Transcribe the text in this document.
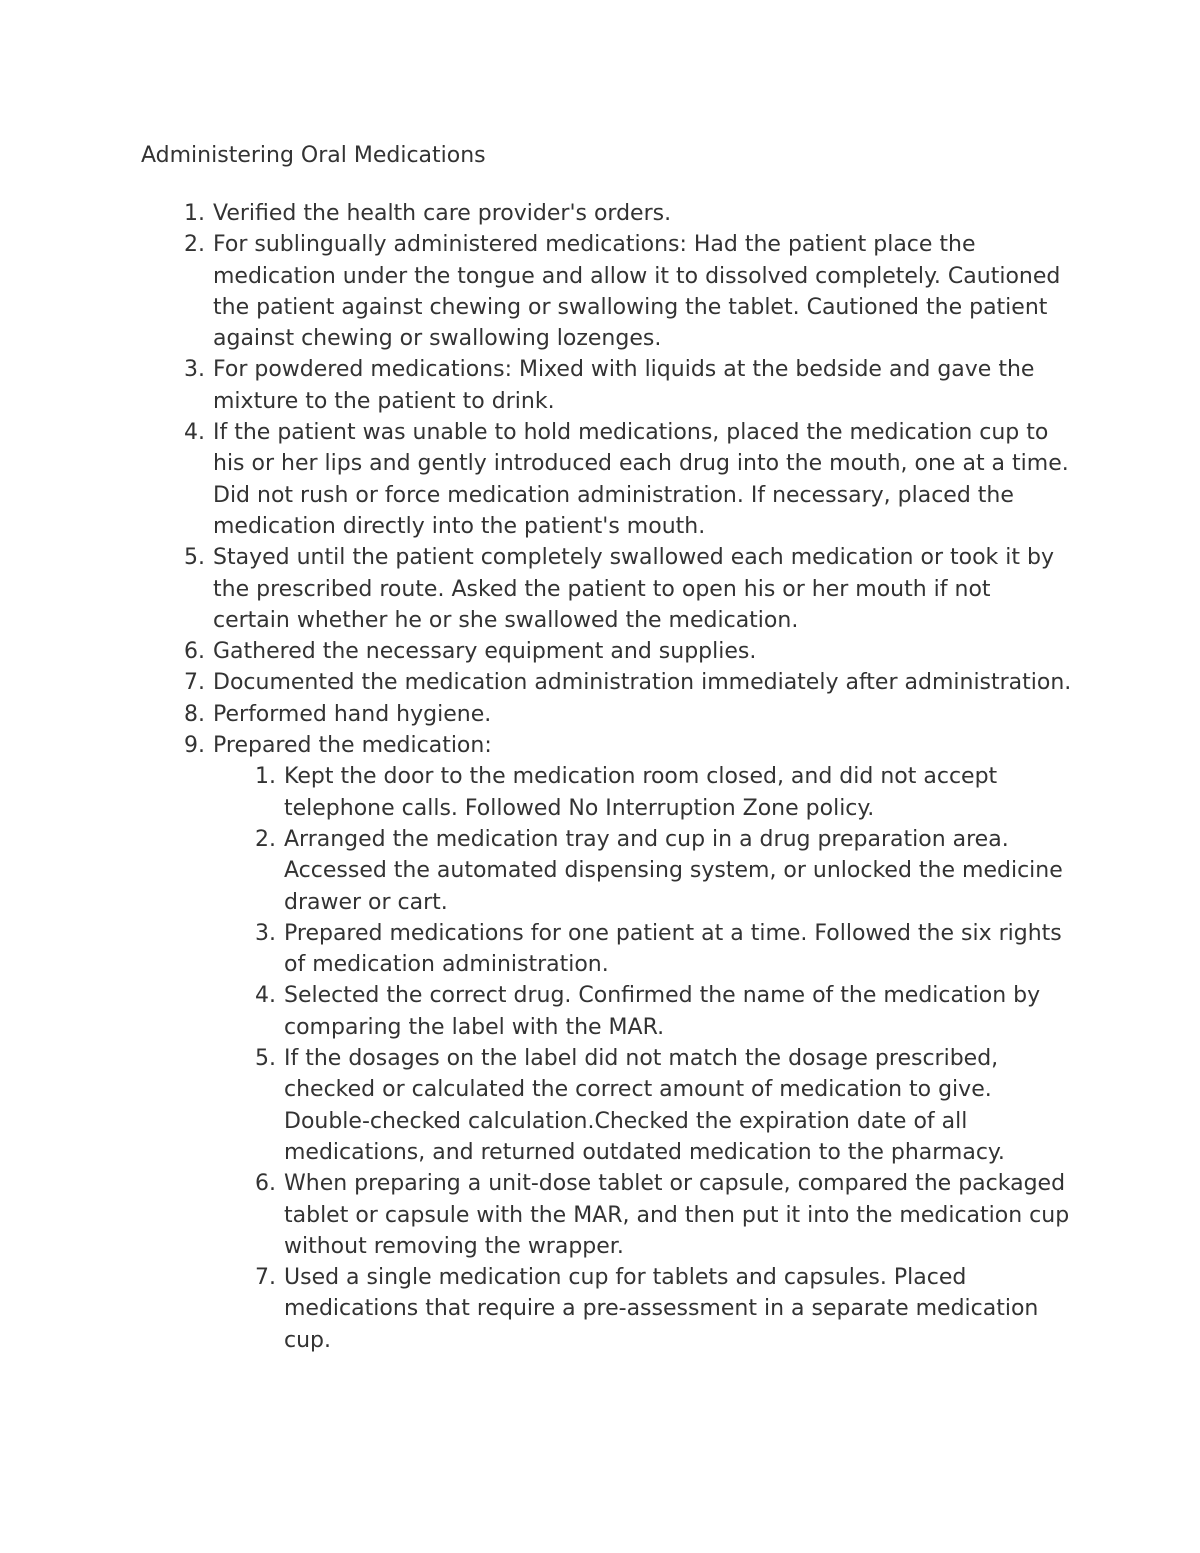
Administering Oral Medications
1. Verified the health care provider's orders.
2. For sublingually administered medications: Had the patient place the medication under the tongue and allow it to dissolved completely. Cautioned the patient against chewing or swallowing the tablet. Cautioned the patient against chewing or swallowing lozenges.
3. For powdered medications: Mixed with liquids at the bedside and gave the mixture to the patient to drink.
4. If the patient was unable to hold medications, placed the medication cup to his or her lips and gently introduced each drug into the mouth, one at a time. Did not rush or force medication administration. If necessary, placed the medication directly into the patient's mouth.
5. Stayed until the patient completely swallowed each medication or took it by the prescribed route. Asked the patient to open his or her mouth if not certain whether he or she swallowed the medication.
6. Gathered the necessary equipment and supplies.
7. Documented the medication administration immediately after administration.
8. Performed hand hygiene.
9. Prepared the medication:
1. Kept the door to the medication room closed, and did not accept telephone calls. Followed No Interruption Zone policy.
2. Arranged the medication tray and cup in a drug preparation area. Accessed the automated dispensing system, or unlocked the medicine drawer or cart.
3. Prepared medications for one patient at a time. Followed the six rights of medication administration.
4. Selected the correct drug. Confirmed the name of the medication by comparing the label with the MAR.
5. If the dosages on the label did not match the dosage prescribed, checked or calculated the correct amount of medication to give. Double-checked calculation.Checked the expiration date of all medications, and returned outdated medication to the pharmacy.
6. When preparing a unit-dose tablet or capsule, compared the packaged tablet or capsule with the MAR, and then put it into the medication cup without removing the wrapper.
7. Used a single medication cup for tablets and capsules. Placed medications that require a pre-assessment in a separate medication cup.
